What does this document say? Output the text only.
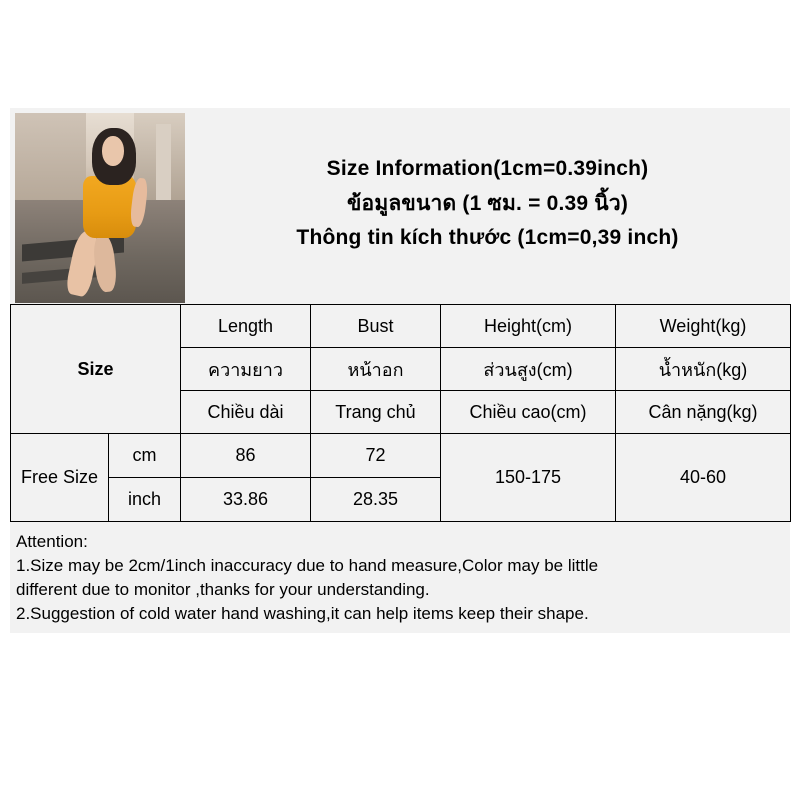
Size Information(1cm=0.39inch)
ข้อมูลขนาด (1 ซม. = 0.39 นิ้ว)
Thông tin kích thước (1cm=0,39 inch)
Size		Length	Bust	Height(cm)	Weight(kg)
		ความยาว	หน้าอก	ส่วนสูง(cm)	น้ำหนัก(kg)
		Chiều dài	Trang chủ	Chiều cao(cm)	Cân nặng(kg)
Free Size	cm	86	72	150-175	40-60
	inch	33.86	28.35		
Attention:
1.Size may be 2cm/1inch inaccuracy due to hand measure,Color may be little
different due to monitor ,thanks for your understanding.
2.Suggestion of cold water hand washing,it can help items keep their shape.
